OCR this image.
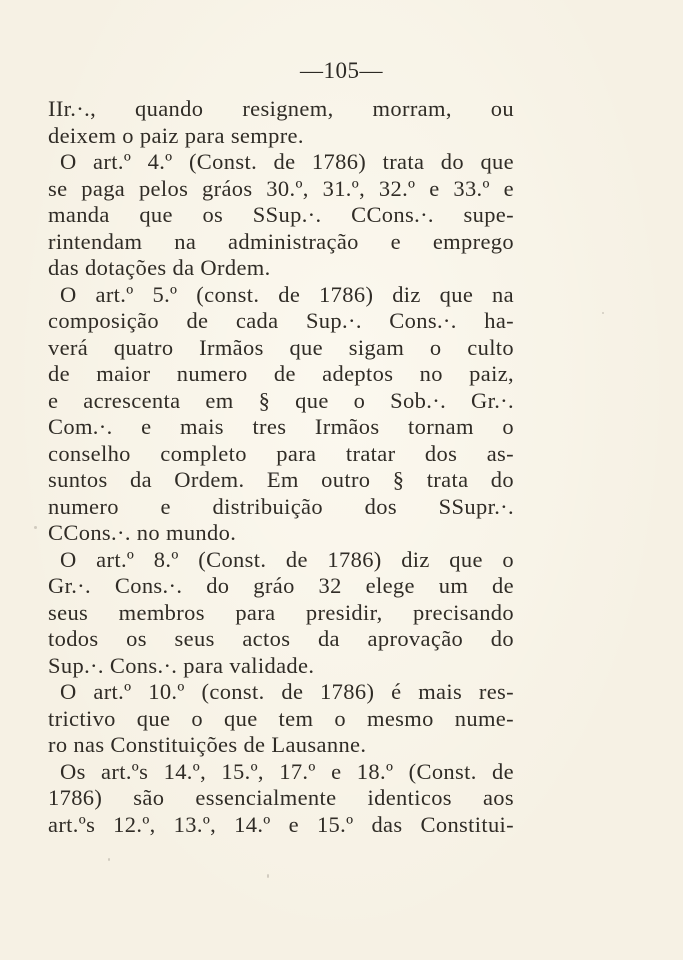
—105—
IIr.·., quando resignem, morram, ou
deixem o paiz para sempre.
O art.º 4.º (Const. de 1786) trata do que
se paga pelos gráos 30.º, 31.º, 32.º e 33.º e
manda que os SSup.·. CCons.·. supe-
rintendam na administração e emprego
das dotações da Ordem.
O art.º 5.º (const. de 1786) diz que na
composição de cada Sup.·. Cons.·. ha-
verá quatro Irmãos que sigam o culto
de maior numero de adeptos no paiz,
e acrescenta em § que o Sob.·. Gr.·.
Com.·. e mais tres Irmãos tornam o
conselho completo para tratar dos as-
suntos da Ordem. Em outro § trata do
numero e distribuição dos SSupr.·.
CCons.·. no mundo.
O art.º 8.º (Const. de 1786) diz que o
Gr.·. Cons.·. do gráo 32 elege um de
seus membros para presidir, precisando
todos os seus actos da aprovação do
Sup.·. Cons.·. para validade.
O art.º 10.º (const. de 1786) é mais res-
trictivo que o que tem o mesmo nume-
ro nas Constituições de Lausanne.
Os art.ºs 14.º, 15.º, 17.º e 18.º (Const. de
1786) são essencialmente identicos aos
art.ºs 12.º, 13.º, 14.º e 15.º das Constitui-
